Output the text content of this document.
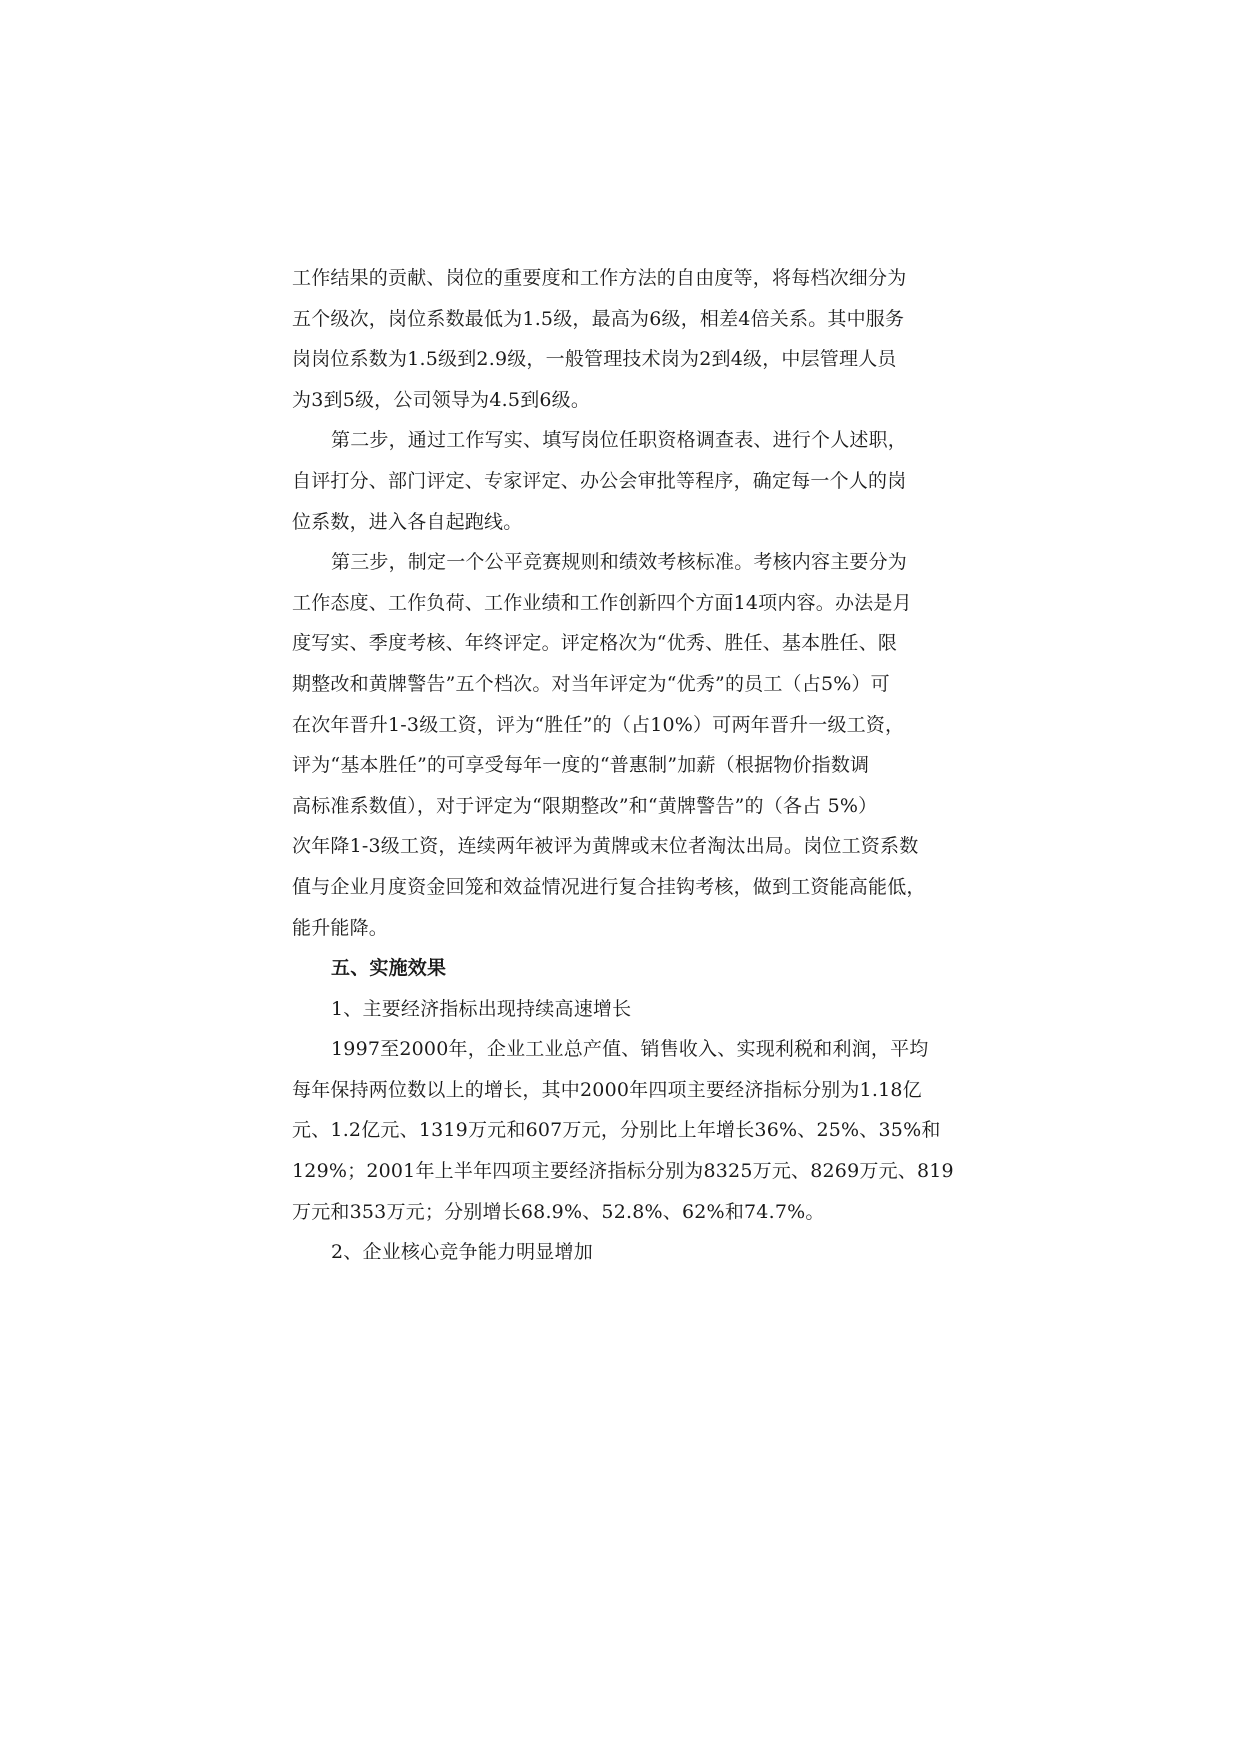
工作结果的贡献、岗位的重要度和工作方法的自由度等，将每档次细分为
五个级次，岗位系数最低为1.5级，最高为6级，相差4倍关系。其中服务
岗岗位系数为1.5级到2.9级，一般管理技术岗为2到4级，中层管理人员
为3到5级，公司领导为4.5到6级。
第二步，通过工作写实、填写岗位任职资格调查表、进行个人述职，
自评打分、部门评定、专家评定、办公会审批等程序，确定每一个人的岗
位系数，进入各自起跑线。
第三步，制定一个公平竞赛规则和绩效考核标准。考核内容主要分为
工作态度、工作负荷、工作业绩和工作创新四个方面14项内容。办法是月
度写实、季度考核、年终评定。评定格次为“优秀、胜任、基本胜任、限
期整改和黄牌警告”五个档次。对当年评定为“优秀”的员工（占5%）可
在次年晋升1-3级工资，评为“胜任”的（占10%）可两年晋升一级工资，
评为“基本胜任”的可享受每年一度的“普惠制”加薪（根据物价指数调
高标准系数值），对于评定为“限期整改”和“黄牌警告”的（各占 5%）
次年降1-3级工资，连续两年被评为黄牌或末位者淘汰出局。岗位工资系数
值与企业月度资金回笼和效益情况进行复合挂钩考核，做到工资能高能低，
能升能降。
五、实施效果
1、主要经济指标出现持续高速增长
1997至2000年，企业工业总产值、销售收入、实现利税和利润，平均
每年保持两位数以上的增长，其中2000年四项主要经济指标分别为1.18亿
元、1.2亿元、1319万元和607万元，分别比上年增长36%、25%、35%和
129%；2001年上半年四项主要经济指标分别为8325万元、8269万元、819
万元和353万元；分别增长68.9%、52.8%、62%和74.7%。
2、企业核心竞争能力明显增加
